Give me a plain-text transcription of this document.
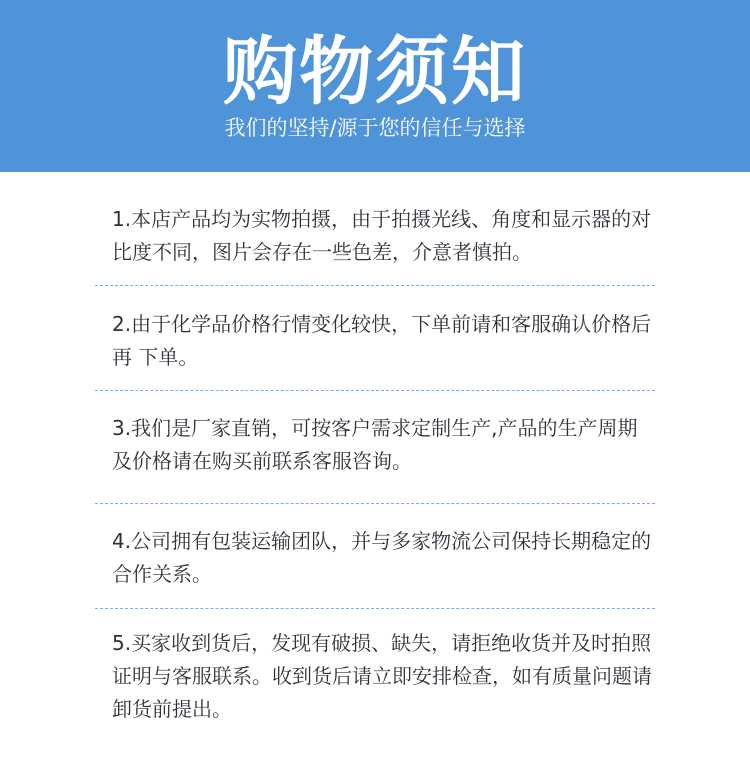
购物须知
我们的坚持/源于您的信任与选择

1.本店产品均为实物拍摄，由于拍摄光线、角度和显示器的对比度不同，图片会存在一些色差，介意者慎拍。

2.由于化学品价格行情变化较快，下单前请和客服确认价格后再 下单。

3.我们是厂家直销，可按客户需求定制生产,产品的生产周期及价格请在购买前联系客服咨询。

4.公司拥有包装运输团队，并与多家物流公司保持长期稳定的合作关系。

5.买家收到货后，发现有破损、缺失，请拒绝收货并及时拍照证明与客服联系。收到货后请立即安排检查，如有质量问题请卸货前提出。
